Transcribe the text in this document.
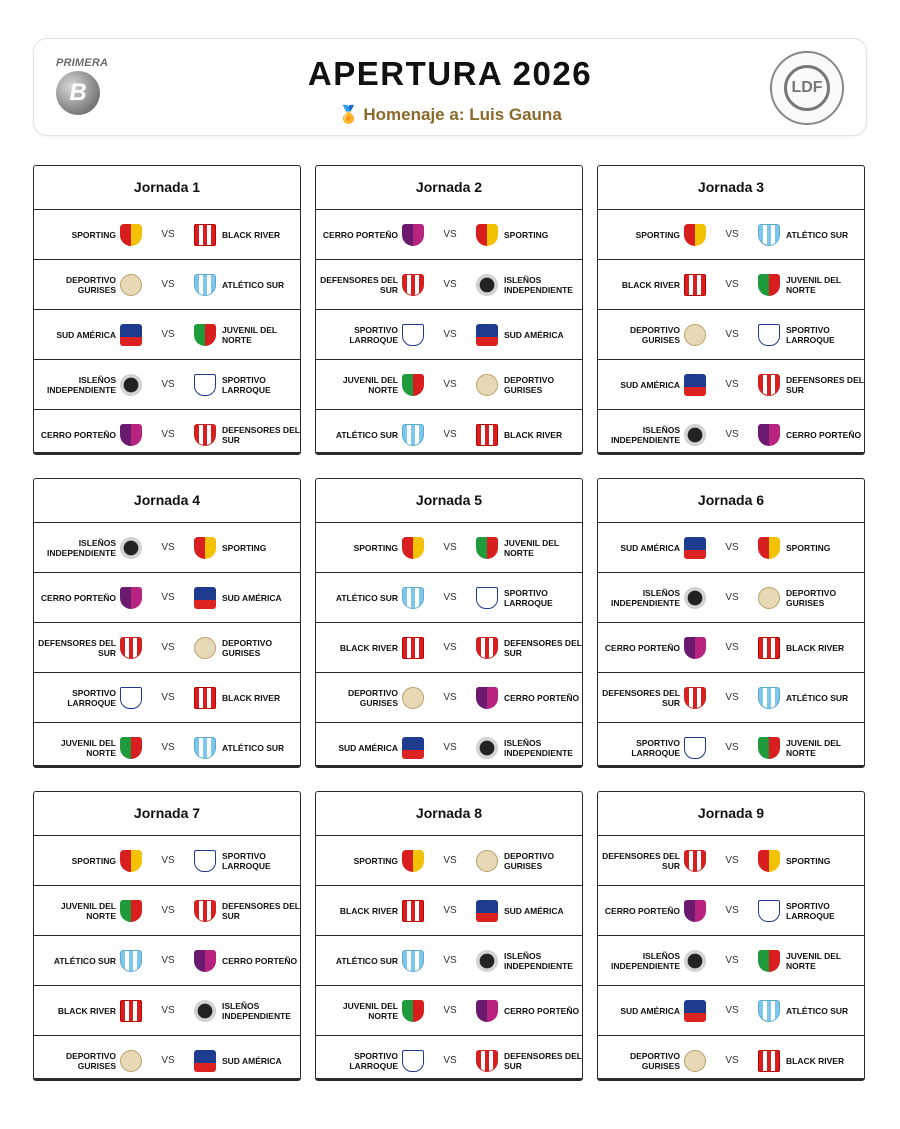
PRIMERA
B
APERTURA 2026
🏅 Homenaje a: Luis Gauna
LDF
Jornada 1
SPORTING	VS	BLACK RIVER
DEPORTIVO GURISES	VS	ATLÉTICO SUR
SUD AMÉRICA	VS	JUVENIL DEL NORTE
ISLEÑOS INDEPENDIENTE	VS	SPORTIVO LARROQUE
CERRO PORTEÑO	VS	DEFENSORES DEL SUR
Jornada 2
CERRO PORTEÑO	VS	SPORTING
DEFENSORES DEL SUR	VS	ISLEÑOS INDEPENDIENTE
SPORTIVO LARROQUE	VS	SUD AMÉRICA
JUVENIL DEL NORTE	VS	DEPORTIVO GURISES
ATLÉTICO SUR	VS	BLACK RIVER
Jornada 3
SPORTING	VS	ATLÉTICO SUR
BLACK RIVER	VS	JUVENIL DEL NORTE
DEPORTIVO GURISES	VS	SPORTIVO LARROQUE
SUD AMÉRICA	VS	DEFENSORES DEL SUR
ISLEÑOS INDEPENDIENTE	VS	CERRO PORTEÑO
Jornada 4
ISLEÑOS INDEPENDIENTE	VS	SPORTING
CERRO PORTEÑO	VS	SUD AMÉRICA
DEFENSORES DEL SUR	VS	DEPORTIVO GURISES
SPORTIVO LARROQUE	VS	BLACK RIVER
JUVENIL DEL NORTE	VS	ATLÉTICO SUR
Jornada 5
SPORTING	VS	JUVENIL DEL NORTE
ATLÉTICO SUR	VS	SPORTIVO LARROQUE
BLACK RIVER	VS	DEFENSORES DEL SUR
DEPORTIVO GURISES	VS	CERRO PORTEÑO
SUD AMÉRICA	VS	ISLEÑOS INDEPENDIENTE
Jornada 6
SUD AMÉRICA	VS	SPORTING
ISLEÑOS INDEPENDIENTE	VS	DEPORTIVO GURISES
CERRO PORTEÑO	VS	BLACK RIVER
DEFENSORES DEL SUR	VS	ATLÉTICO SUR
SPORTIVO LARROQUE	VS	JUVENIL DEL NORTE
Jornada 7
SPORTING	VS	SPORTIVO LARROQUE
JUVENIL DEL NORTE	VS	DEFENSORES DEL SUR
ATLÉTICO SUR	VS	CERRO PORTEÑO
BLACK RIVER	VS	ISLEÑOS INDEPENDIENTE
DEPORTIVO GURISES	VS	SUD AMÉRICA
Jornada 8
SPORTING	VS	DEPORTIVO GURISES
BLACK RIVER	VS	SUD AMÉRICA
ATLÉTICO SUR	VS	ISLEÑOS INDEPENDIENTE
JUVENIL DEL NORTE	VS	CERRO PORTEÑO
SPORTIVO LARROQUE	VS	DEFENSORES DEL SUR
Jornada 9
DEFENSORES DEL SUR	VS	SPORTING
CERRO PORTEÑO	VS	SPORTIVO LARROQUE
ISLEÑOS INDEPENDIENTE	VS	JUVENIL DEL NORTE
SUD AMÉRICA	VS	ATLÉTICO SUR
DEPORTIVO GURISES	VS	BLACK RIVER
